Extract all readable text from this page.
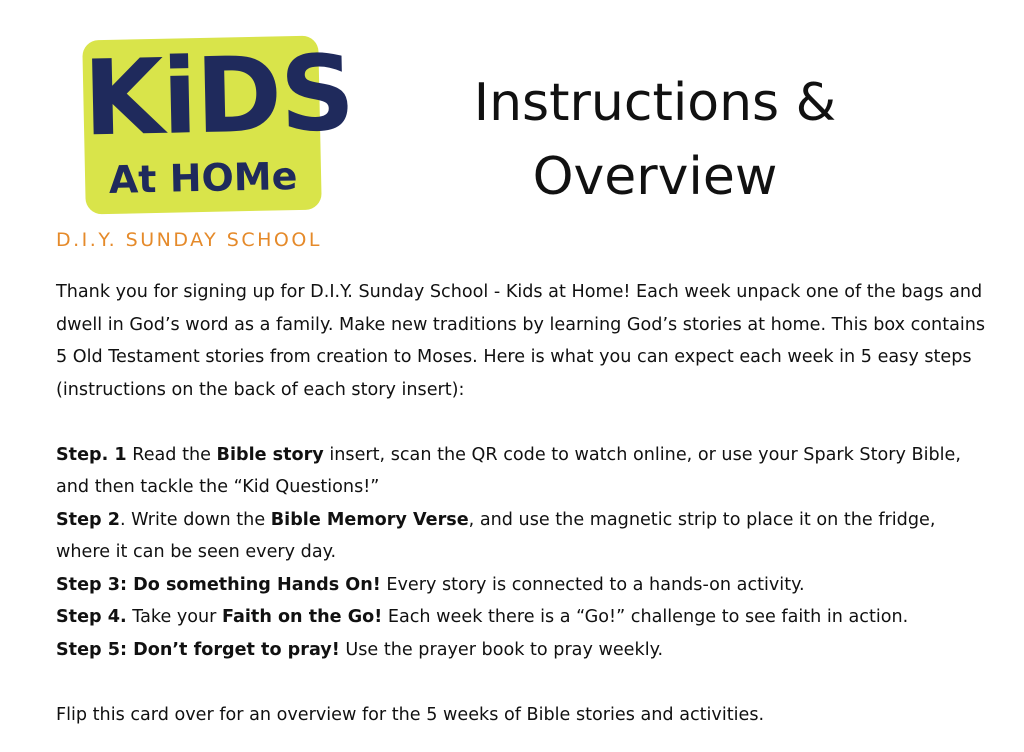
KiDS
At HOMe
D.I.Y. SUNDAY SCHOOL
Instructions &
Overview

Thank you for signing up for D.I.Y. Sunday School - Kids at Home! Each week unpack one of the bags and dwell in God’s word as a family. Make new traditions by learning God’s stories at home. This box contains 5 Old Testament stories from creation to Moses. Here is what you can expect each week in 5 easy steps (instructions on the back of each story insert):

Step. 1 Read the Bible story insert, scan the QR code to watch online, or use your Spark Story Bible, and then tackle the “Kid Questions!”

Step 2. Write down the Bible Memory Verse, and use the magnetic strip to place it on the fridge, where it can be seen every day.

Step 3: Do something Hands On! Every story is connected to a hands-on activity.

Step 4. Take your Faith on the Go! Each week there is a “Go!” challenge to see faith in action.

Step 5: Don’t forget to pray! Use the prayer book to pray weekly.

Flip this card over for an overview for the 5 weeks of Bible stories and activities.
